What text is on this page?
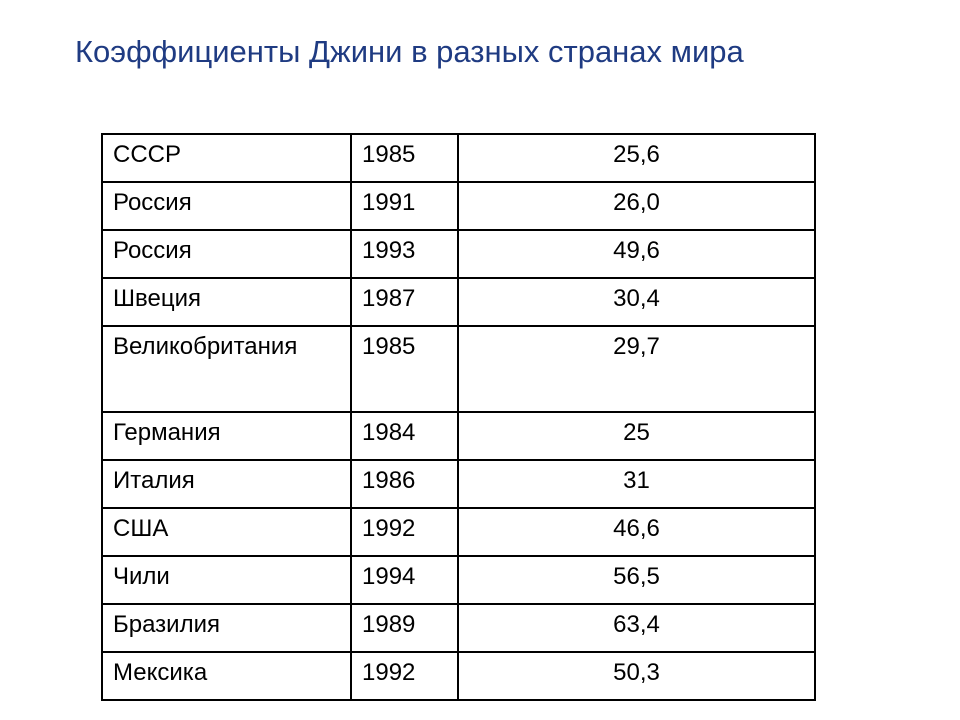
Коэффициенты Джини в разных странах мира
СССР	1985	25,6
Россия	1991	26,0
Россия	1993	49,6
Швеция	1987	30,4
Великобритания	1985	29,7
Германия	1984	25
Италия	1986	31
США	1992	46,6
Чили	1994	56,5
Бразилия	1989	63,4
Мексика	1992	50,3
